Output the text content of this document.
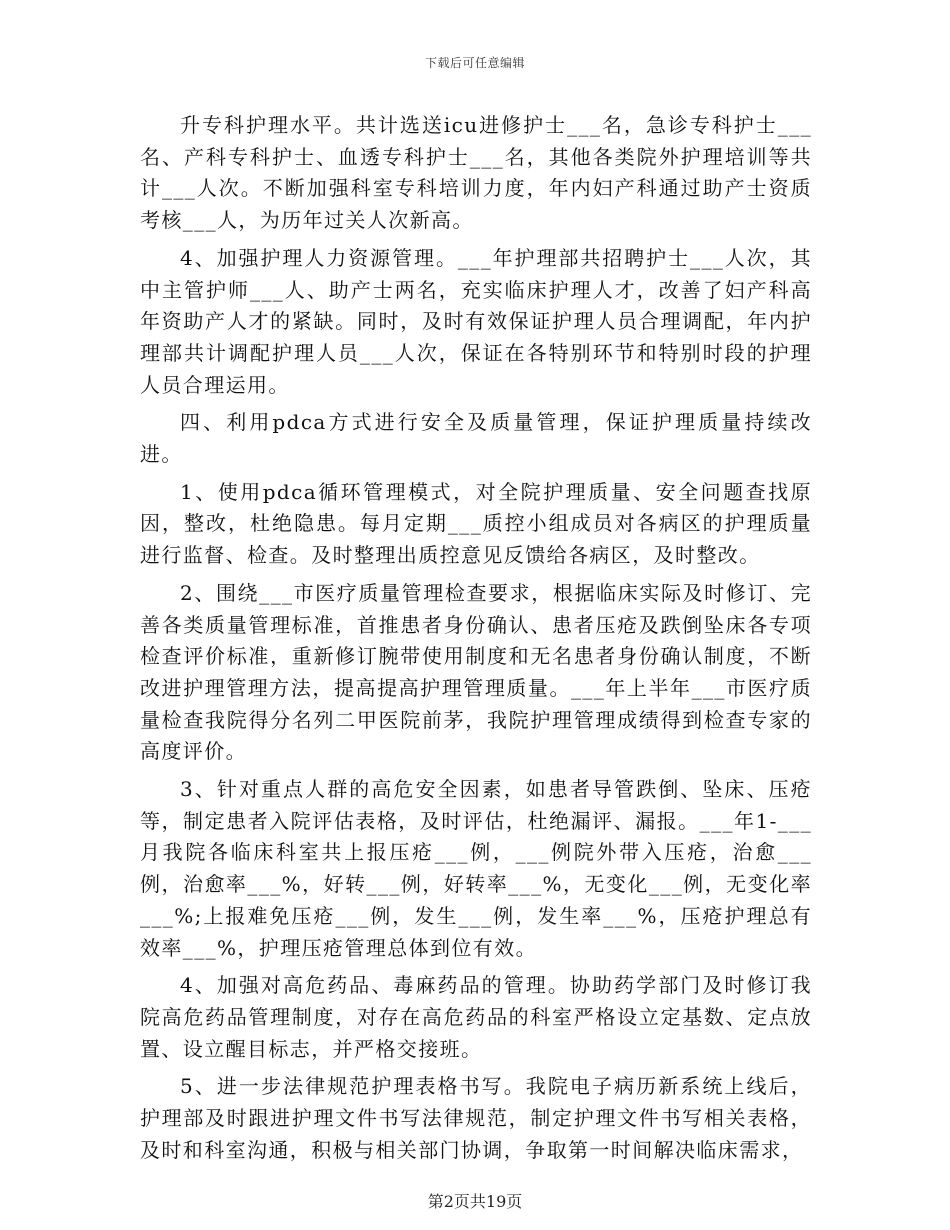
下载后可任意编辑

升专科护理水平。共计选送icu进修护士___名，急诊专科护士___名、产科专科护士、血透专科护士___名，其他各类院外护理培训等共计___人次。不断加强科室专科培训力度，年内妇产科通过助产士资质考核___人，为历年过关人次新高。

4、加强护理人力资源管理。___年护理部共招聘护士___人次，其中主管护师___人、助产士两名，充实临床护理人才，改善了妇产科高年资助产人才的紧缺。同时，及时有效保证护理人员合理调配，年内护理部共计调配护理人员___人次，保证在各特别环节和特别时段的护理人员合理运用。

四、利用pdca方式进行安全及质量管理，保证护理质量持续改进。

1、使用pdca循环管理模式，对全院护理质量、安全问题查找原因，整改，杜绝隐患。每月定期___质控小组成员对各病区的护理质量进行监督、检查。及时整理出质控意见反馈给各病区，及时整改。

2、围绕___市医疗质量管理检查要求，根据临床实际及时修订、完善各类质量管理标准，首推患者身份确认、患者压疮及跌倒坠床各专项检查评价标准，重新修订腕带使用制度和无名患者身份确认制度，不断改进护理管理方法，提高提高护理管理质量。___年上半年___市医疗质量检查我院得分名列二甲医院前茅，我院护理管理成绩得到检查专家的高度评价。

3、针对重点人群的高危安全因素，如患者导管跌倒、坠床、压疮等，制定患者入院评估表格，及时评估，杜绝漏评、漏报。___年1-___月我院各临床科室共上报压疮___例，___例院外带入压疮，治愈___例，治愈率___%，好转___例，好转率___%，无变化___例，无变化率___%;上报难免压疮___例，发生___例，发生率___%，压疮护理总有效率___%，护理压疮管理总体到位有效。

4、加强对高危药品、毒麻药品的管理。协助药学部门及时修订我院高危药品管理制度，对存在高危药品的科室严格设立定基数、定点放置、设立醒目标志，并严格交接班。

5、进一步法律规范护理表格书写。我院电子病历新系统上线后，护理部及时跟进护理文件书写法律规范，制定护理文件书写相关表格，及时和科室沟通，积极与相关部门协调，争取第一时间解决临床需求，

第2页共19页
